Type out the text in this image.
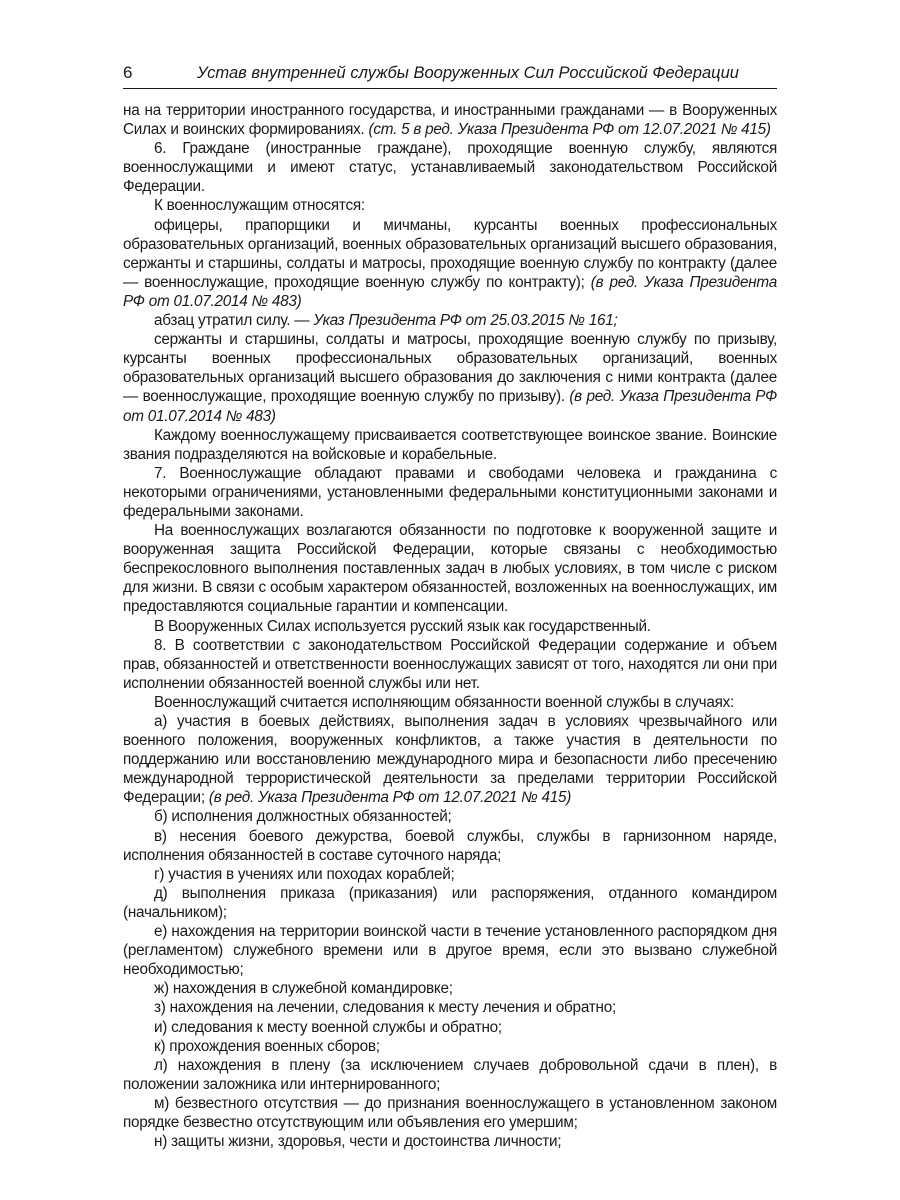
6	Устав внутренней службы Вооруженных Сил Российской Федерации

на на территории иностранного государства, и иностранными гражданами — в Вооруженных Силах и воинских формированиях. (ст. 5 в ред. Указа Президента РФ от 12.07.2021 № 415)

6. Граждане (иностранные граждане), проходящие военную службу, являются военнослужащими и имеют статус, устанавливаемый законодательством Российской Федерации.

К военнослужащим относятся:

офицеры, прапорщики и мичманы, курсанты военных профессиональных образовательных организаций, военных образовательных организаций высшего образования, сержанты и старшины, солдаты и матросы, проходящие военную службу по контракту (далее — военнослужащие, проходящие военную службу по контракту); (в ред. Указа Президента РФ от 01.07.2014 № 483)

абзац утратил силу. — Указ Президента РФ от 25.03.2015 № 161;

сержанты и старшины, солдаты и матросы, проходящие военную службу по призыву, курсанты военных профессиональных образовательных организаций, военных образовательных организаций высшего образования до заключения с ними контракта (далее — военнослужащие, проходящие военную службу по призыву). (в ред. Указа Президента РФ от 01.07.2014 № 483)

Каждому военнослужащему присваивается соответствующее воинское звание. Воинские звания подразделяются на войсковые и корабельные.

7. Военнослужащие обладают правами и свободами человека и гражданина с некоторыми ограничениями, установленными федеральными конституционными законами и федеральными законами.

На военнослужащих возлагаются обязанности по подготовке к вооруженной защите и вооруженная защита Российской Федерации, которые связаны с необходимостью беспрекословного выполнения поставленных задач в любых условиях, в том числе с риском для жизни. В связи с особым характером обязанностей, возложенных на военнослужащих, им предоставляются социальные гарантии и компенсации.

В Вооруженных Силах используется русский язык как государственный.

8. В соответствии с законодательством Российской Федерации содержание и объем прав, обязанностей и ответственности военнослужащих зависят от того, находятся ли они при исполнении обязанностей военной службы или нет.

Военнослужащий считается исполняющим обязанности военной службы в случаях:

а) участия в боевых действиях, выполнения задач в условиях чрезвычайного или военного положения, вооруженных конфликтов, а также участия в деятельности по поддержанию или восстановлению международного мира и безопасности либо пресечению международной террористической деятельности за пределами территории Российской Федерации; (в ред. Указа Президента РФ от 12.07.2021 № 415)

б) исполнения должностных обязанностей;

в) несения боевого дежурства, боевой службы, службы в гарнизонном наряде, исполнения обязанностей в составе суточного наряда;

г) участия в учениях или походах кораблей;

д) выполнения приказа (приказания) или распоряжения, отданного командиром (начальником);

е) нахождения на территории воинской части в течение установленного распорядком дня (регламентом) служебного времени или в другое время, если это вызвано служебной необходимостью;

ж) нахождения в служебной командировке;

з) нахождения на лечении, следования к месту лечения и обратно;

и) следования к месту военной службы и обратно;

к) прохождения военных сборов;

л) нахождения в плену (за исключением случаев добровольной сдачи в плен), в положении заложника или интернированного;

м) безвестного отсутствия — до признания военнослужащего в установленном законом порядке безвестно отсутствующим или объявления его умершим;

н) защиты жизни, здоровья, чести и достоинства личности;
